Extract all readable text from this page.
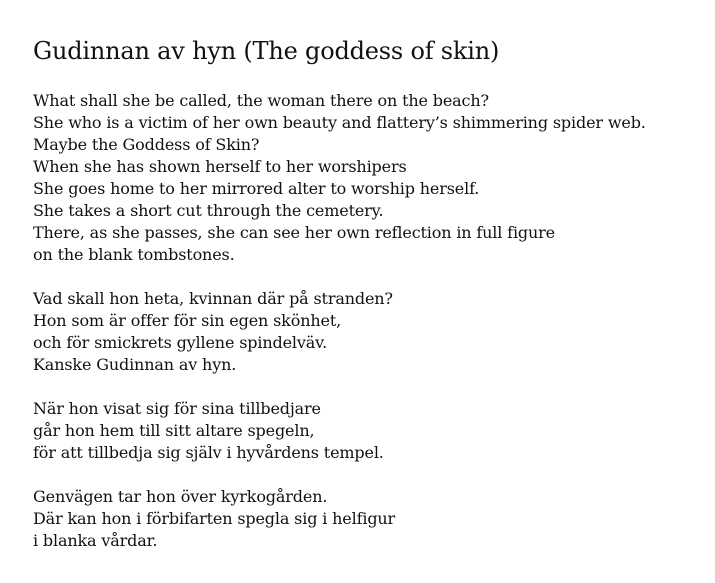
Gudinnan av hyn (The goddess of skin)
What shall she be called, the woman there on the beach?
She who is a victim of her own beauty and flattery’s shimmering spider web.
Maybe the Goddess of Skin?
When she has shown herself to her worshipers
She goes home to her mirrored alter to worship herself.
She takes a short cut through the cemetery.
There, as she passes, she can see her own reflection in full figure
on the blank tombstones.
Vad skall hon heta, kvinnan där på stranden?
Hon som är offer för sin egen skönhet,
och för smickrets gyllene spindelväv.
Kanske Gudinnan av hyn.
När hon visat sig för sina tillbedjare
går hon hem till sitt altare spegeln,
för att tillbedja sig själv i hyvårdens tempel.
Genvägen tar hon över kyrkogården.
Där kan hon i förbifarten spegla sig i helfigur
i blanka vårdar.
